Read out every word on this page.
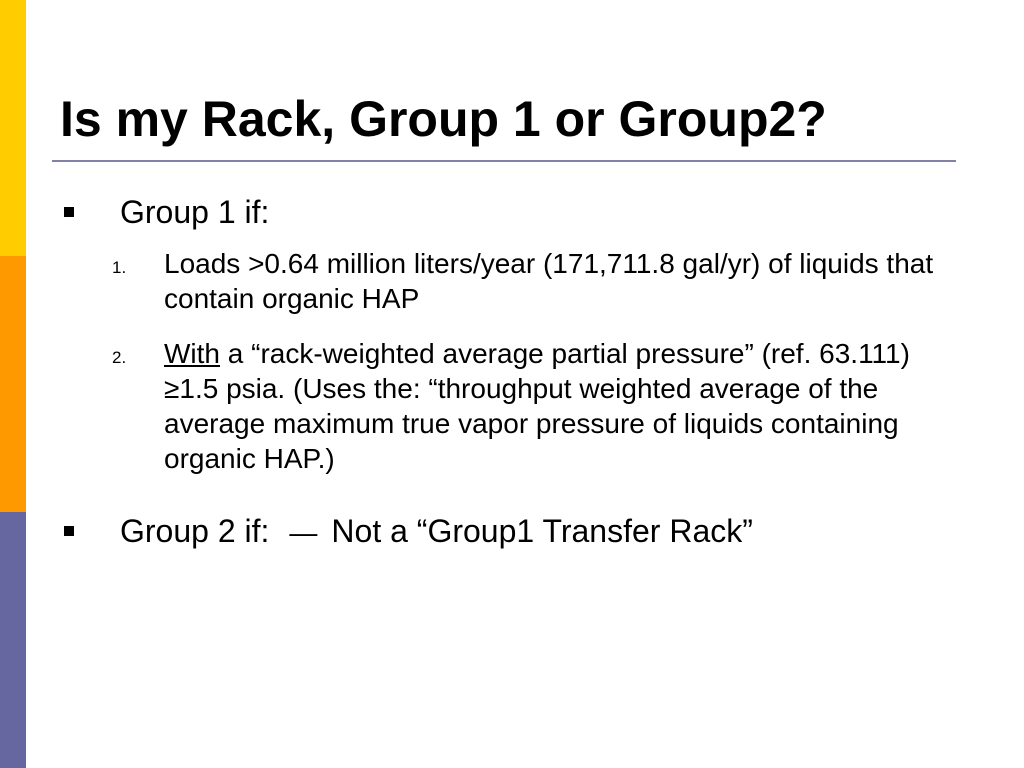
Is my Rack, Group 1 or Group2?
Group 1 if:
1. Loads >0.64 million liters/year (171,711.8 gal/yr) of liquids that contain organic HAP
2. With a “rack-weighted average partial pressure” (ref. 63.111) ≥1.5 psia. (Uses the: “throughput weighted average of the average maximum true vapor pressure of liquids containing organic HAP.)
Group 2 if: — Not a “Group1 Transfer Rack”
